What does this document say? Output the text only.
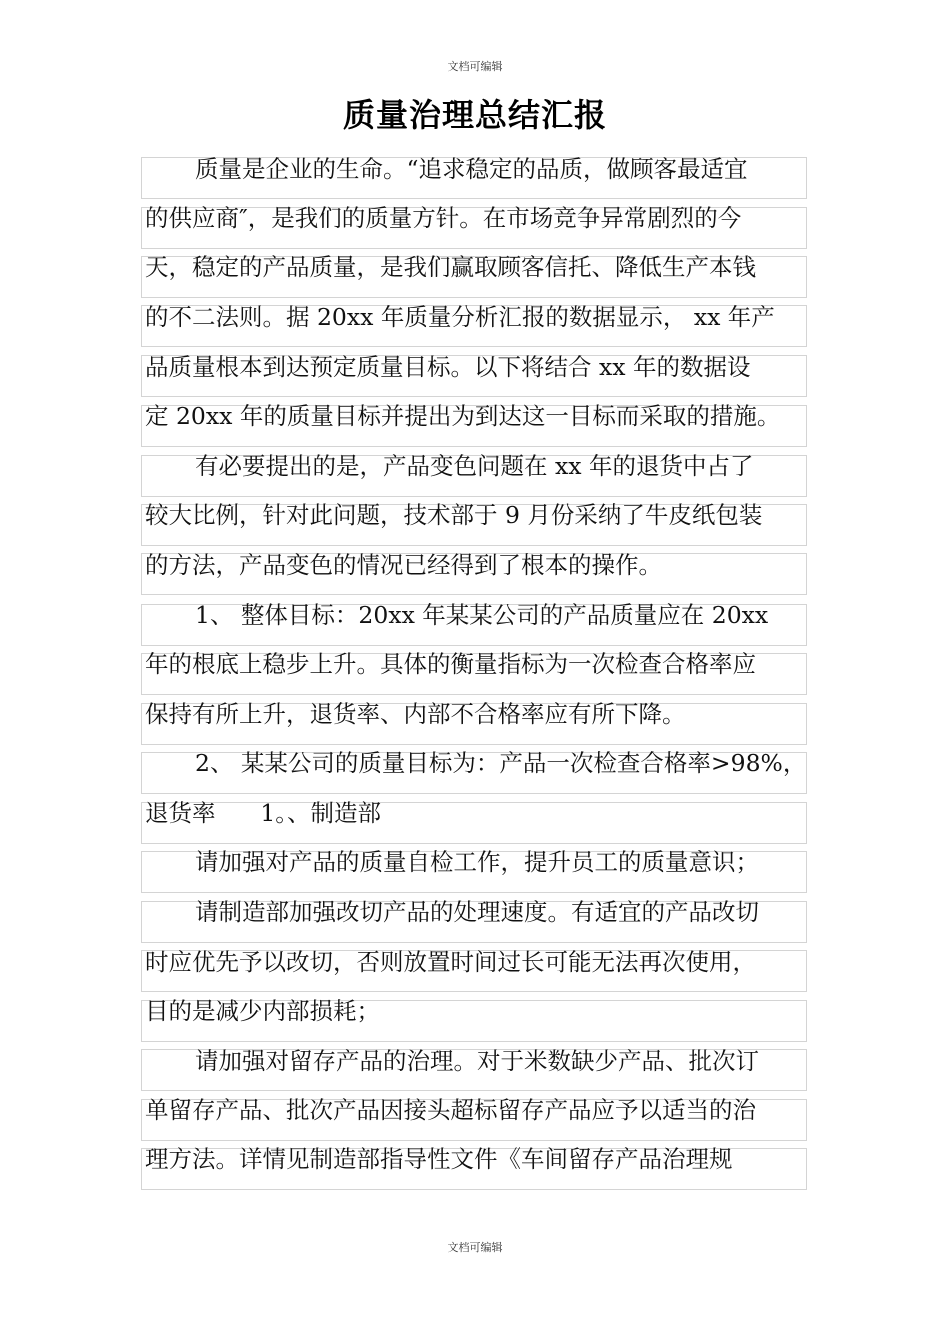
文档可编辑
质量治理总结汇报
质量是企业的生命。“追求稳定的品质，做顾客最适宜
的供应商″，是我们的质量方针。在市场竞争异常剧烈的今
天，稳定的产品质量，是我们赢取顾客信托、降低生产本钱
的不二法则。据 20xx 年质量分析汇报的数据显示， xx 年产
品质量根本到达预定质量目标。以下将结合 xx 年的数据设
定 20xx 年的质量目标并提出为到达这一目标而采取的措施。
有必要提出的是，产品变色问题在 xx 年的退货中占了
较大比例，针对此问题，技术部于 9 月份采纳了牛皮纸包装
的方法，产品变色的情况已经得到了根本的操作。
1、 整体目标：20xx 年某某公司的产品质量应在 20xx
年的根底上稳步上升。具体的衡量指标为一次检查合格率应
保持有所上升，退货率、内部不合格率应有所下降。
2、 某某公司的质量目标为：产品一次检查合格率>98%，
退货率      1。、制造部
请加强对产品的质量自检工作，提升员工的质量意识；
请制造部加强改切产品的处理速度。有适宜的产品改切
时应优先予以改切，否则放置时间过长可能无法再次使用，
目的是减少内部损耗；
请加强对留存产品的治理。对于米数缺少产品、批次订
单留存产品、批次产品因接头超标留存产品应予以适当的治
理方法。详情见制造部指导性文件《车间留存产品治理规
文档可编辑
